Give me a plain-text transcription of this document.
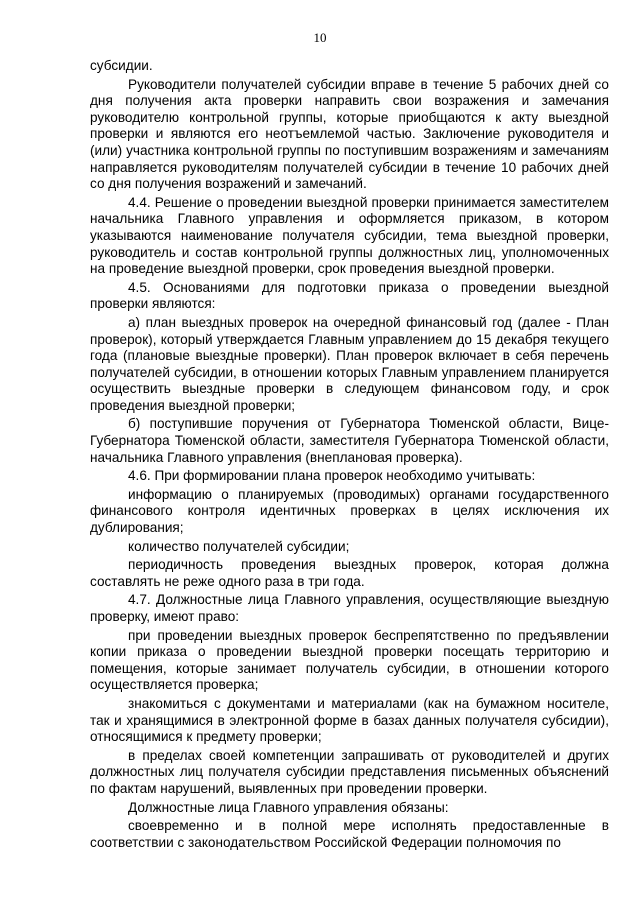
10

субсидии.

Руководители получателей субсидии вправе в течение 5 рабочих дней со дня получения акта проверки направить свои возражения и замечания руководителю контрольной группы, которые приобщаются к акту выездной проверки и являются его неотъемлемой частью. Заключение руководителя и (или) участника контрольной группы по поступившим возражениям и замечаниям направляется руководителям получателей субсидии в течение 10 рабочих дней со дня получения возражений и замечаний.

4.4. Решение о проведении выездной проверки принимается заместителем начальника Главного управления и оформляется приказом, в котором указываются наименование получателя субсидии, тема выездной проверки, руководитель и состав контрольной группы должностных лиц, уполномоченных на проведение выездной проверки, срок проведения выездной проверки.

4.5. Основаниями для подготовки приказа о проведении выездной проверки являются:

а) план выездных проверок на очередной финансовый год (далее - План проверок), который утверждается Главным управлением до 15 декабря текущего года (плановые выездные проверки). План проверок включает в себя перечень получателей субсидии, в отношении которых Главным управлением планируется осуществить выездные проверки в следующем финансовом году, и срок проведения выездной проверки;

б) поступившие поручения от Губернатора Тюменской области, Вице-Губернатора Тюменской области, заместителя Губернатора Тюменской области, начальника Главного управления (внеплановая проверка).

4.6. При формировании плана проверок необходимо учитывать:

информацию о планируемых (проводимых) органами государственного финансового контроля идентичных проверках в целях исключения их дублирования;

количество получателей субсидии;

периодичность проведения выездных проверок, которая должна составлять не реже одного раза в три года.

4.7. Должностные лица Главного управления, осуществляющие выездную проверку, имеют право:

при проведении выездных проверок беспрепятственно по предъявлении копии приказа о проведении выездной проверки посещать территорию и помещения, которые занимает получатель субсидии, в отношении которого осуществляется проверка;

знакомиться с документами и материалами (как на бумажном носителе, так и хранящимися в электронной форме в базах данных получателя субсидии), относящимися к предмету проверки;

в пределах своей компетенции запрашивать от руководителей и других должностных лиц получателя субсидии представления письменных объяснений по фактам нарушений, выявленных при проведении проверки.

Должностные лица Главного управления обязаны:

своевременно и в полной мере исполнять предоставленные в соответствии с законодательством Российской Федерации полномочия по
